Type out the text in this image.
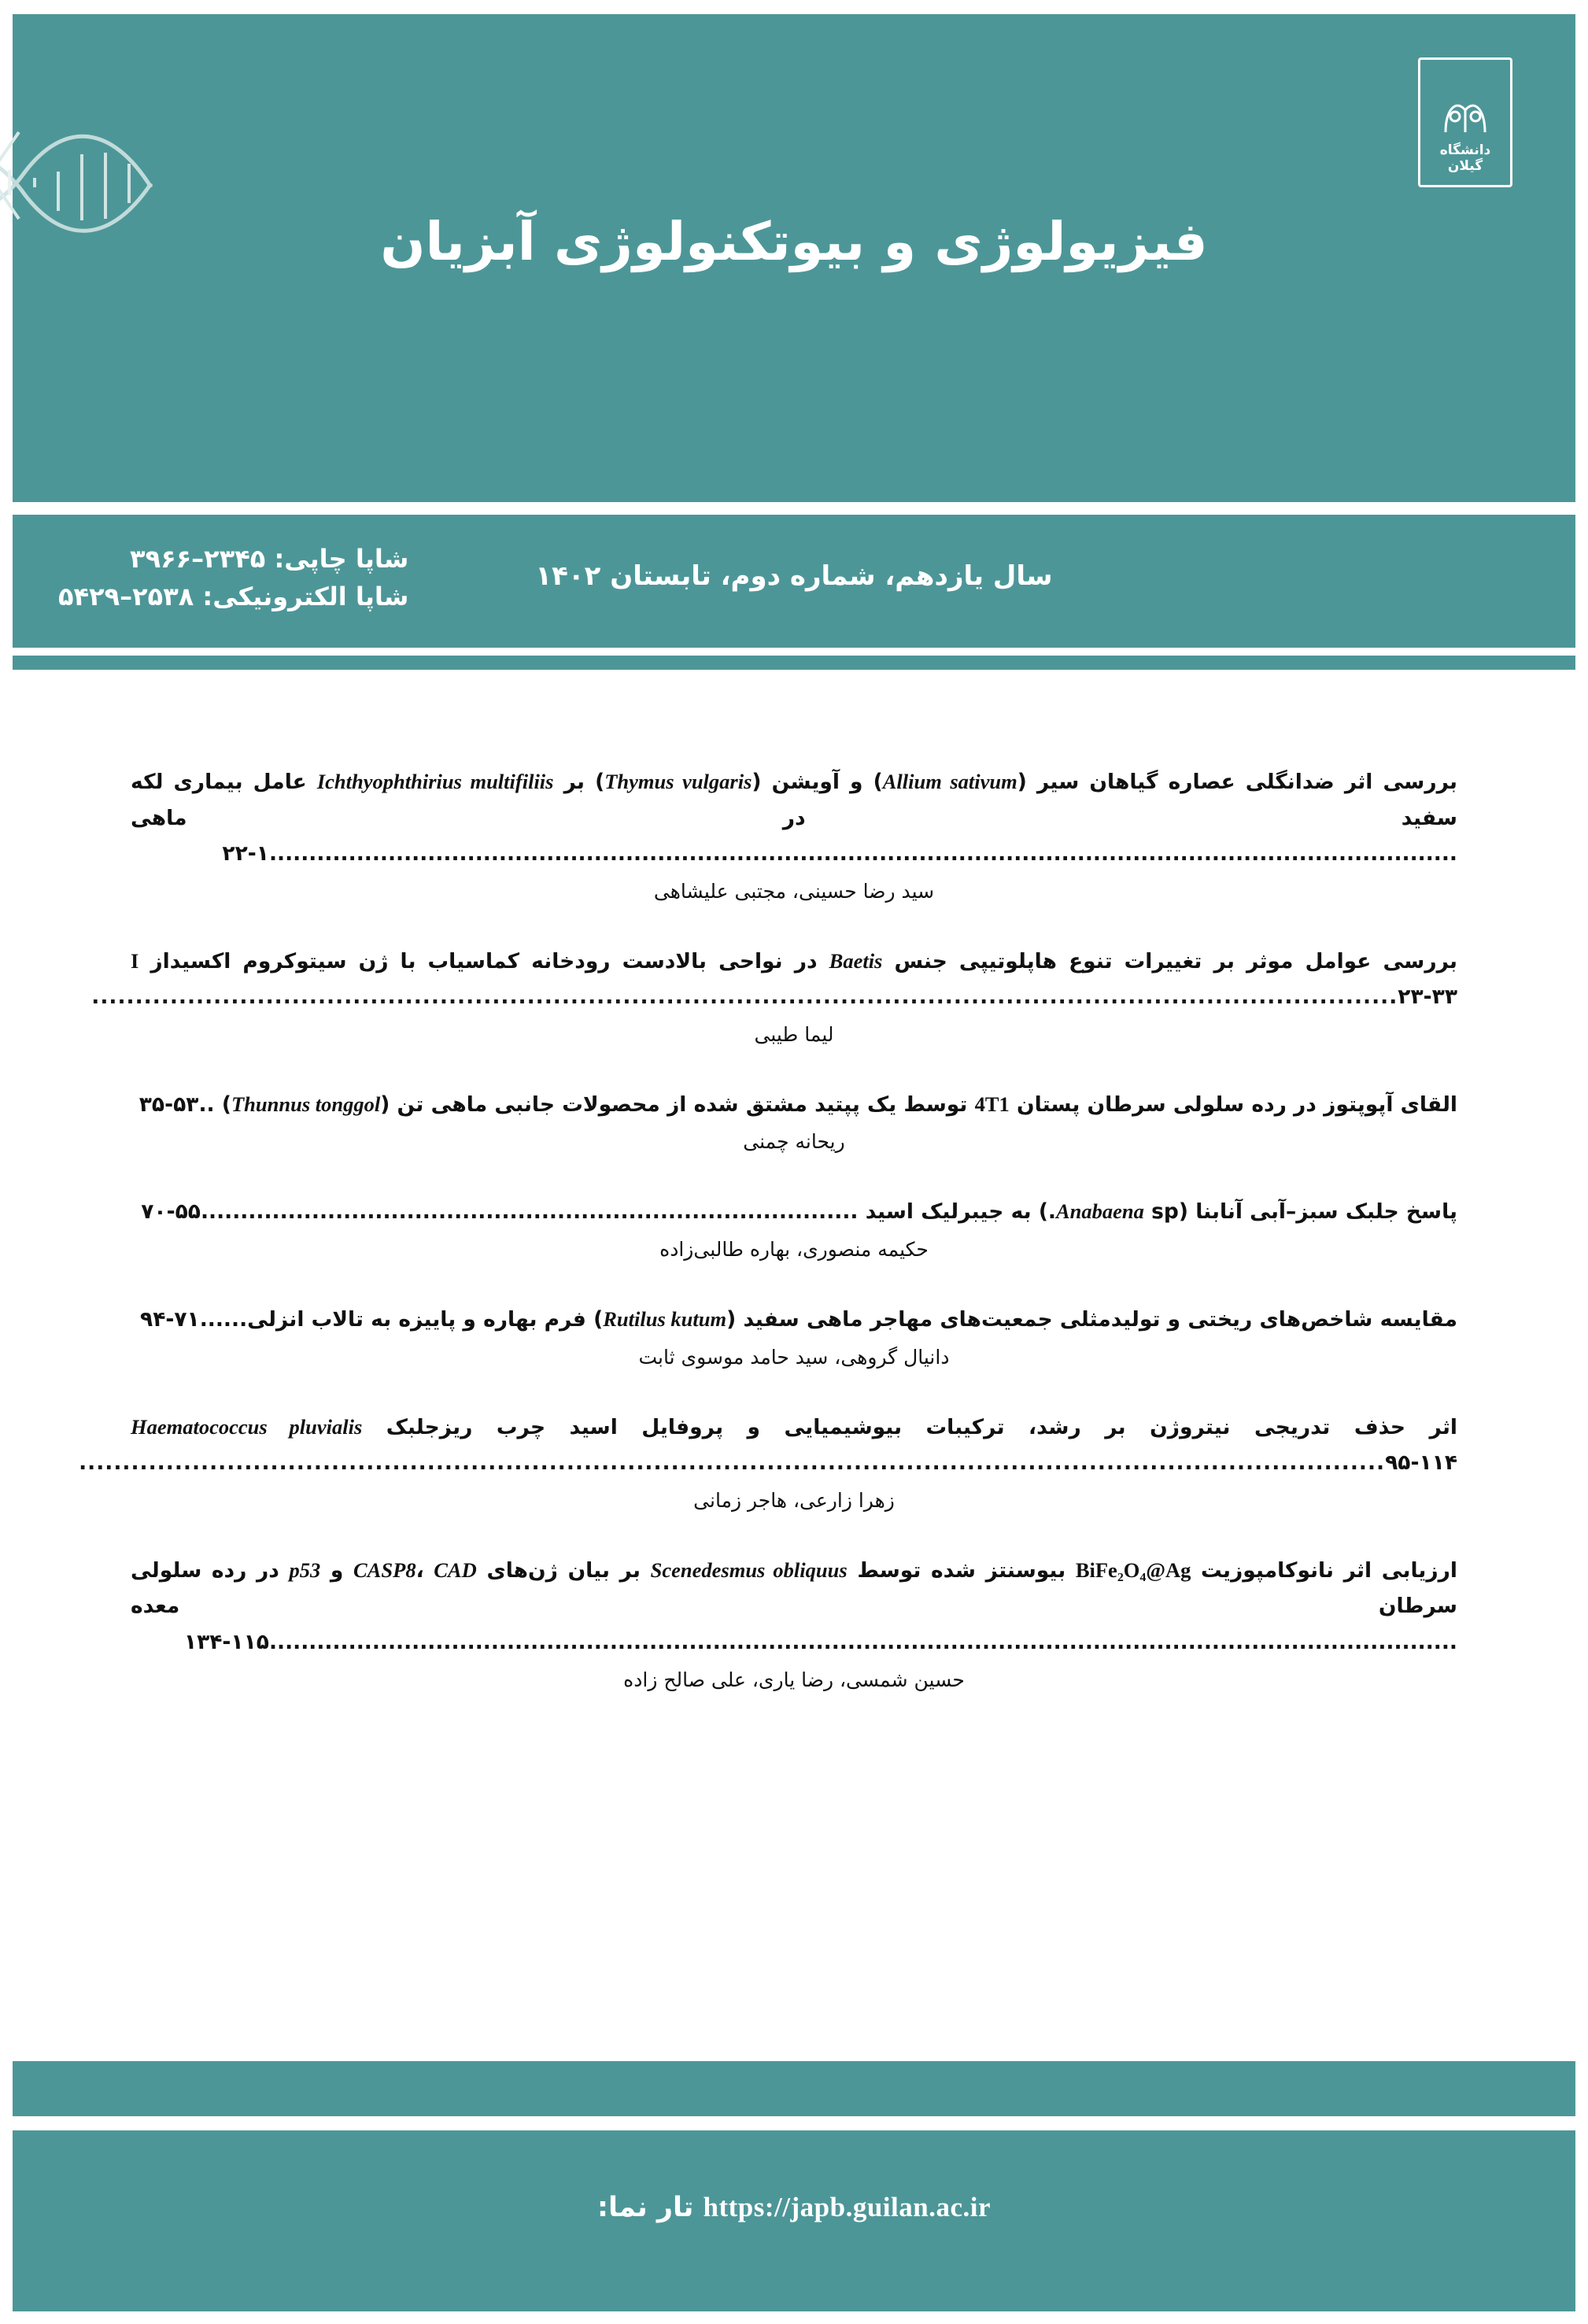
دانشگاه گیلان
فیزیولوژی و بیوتکنولوژی آبزیان
شاپا چاپی: ۲۳۴۵–۳۹۶۶
شاپا الکترونیکی: ۲۵۳۸–۵۴۲۹
سال یازدهم، شماره دوم، تابستان ۱۴۰۲
بررسی اثر ضدانگلی عصاره گیاهان سیر (Allium sativum) و آویشن (Thymus vulgaris) بر Ichthyophthirius multifiliis عامل بیماری لکه سفید در ماهی ......................................................................................................................................................۱-۲۲
سید رضا حسینی، مجتبی علیشاهی
بررسی عوامل موثر بر تغییرات تنوع هاپلوتیپی جنس Baetis در نواحی بالادست رودخانه کماسیاب با ژن سیتوکروم اکسیداز I ......................................................................................................................................................۲۳-۳۳
لیما طیبی
القای آپوپتوز در رده سلولی سرطان پستان 4T1 توسط یک پپتید مشتق شده از محصولات جانبی ماهی تن (Thunnus tonggol) ..۳۵-۵۳
ریحانه چمنی
پاسخ جلبک سبز–آبی آنابنا (Anabaena sp.) به جیبرلیک اسید ...................................................................................۵۵-۷۰
حکیمه منصوری، بهاره طالبی‌زاده
مقایسه شاخص‌های ریختی و تولیدمثلی جمعیت‌های مهاجر ماهی سفید (Rutilus kutum) فرم بهاره و پاییزه به تالاب انزلی......۷۱-۹۴
دانیال گروهی، سید حامد موسوی ثابت
اثر حذف تدریجی نیتروژن بر رشد، ترکیبات بیوشیمیایی و پروفایل اسید چرب ریزجلبک Haematococcus pluvialis ......................................................................................................................................................۹۵-۱۱۴
زهرا زارعی، هاجر زمانی
ارزیابی اثر نانوکامپوزیت BiFe₂O₄@Ag بیوسنتز شده توسط Scenedesmus obliquus بر بیان ژن‌های CASP8، CAD و p53 در رده سلولی سرطان معده ......................................................................................................................................................۱۱۵-۱۳۴
حسین شمسی، رضا یاری، علی صالح زاده
https://japb.guilan.ac.ir تار نما:
